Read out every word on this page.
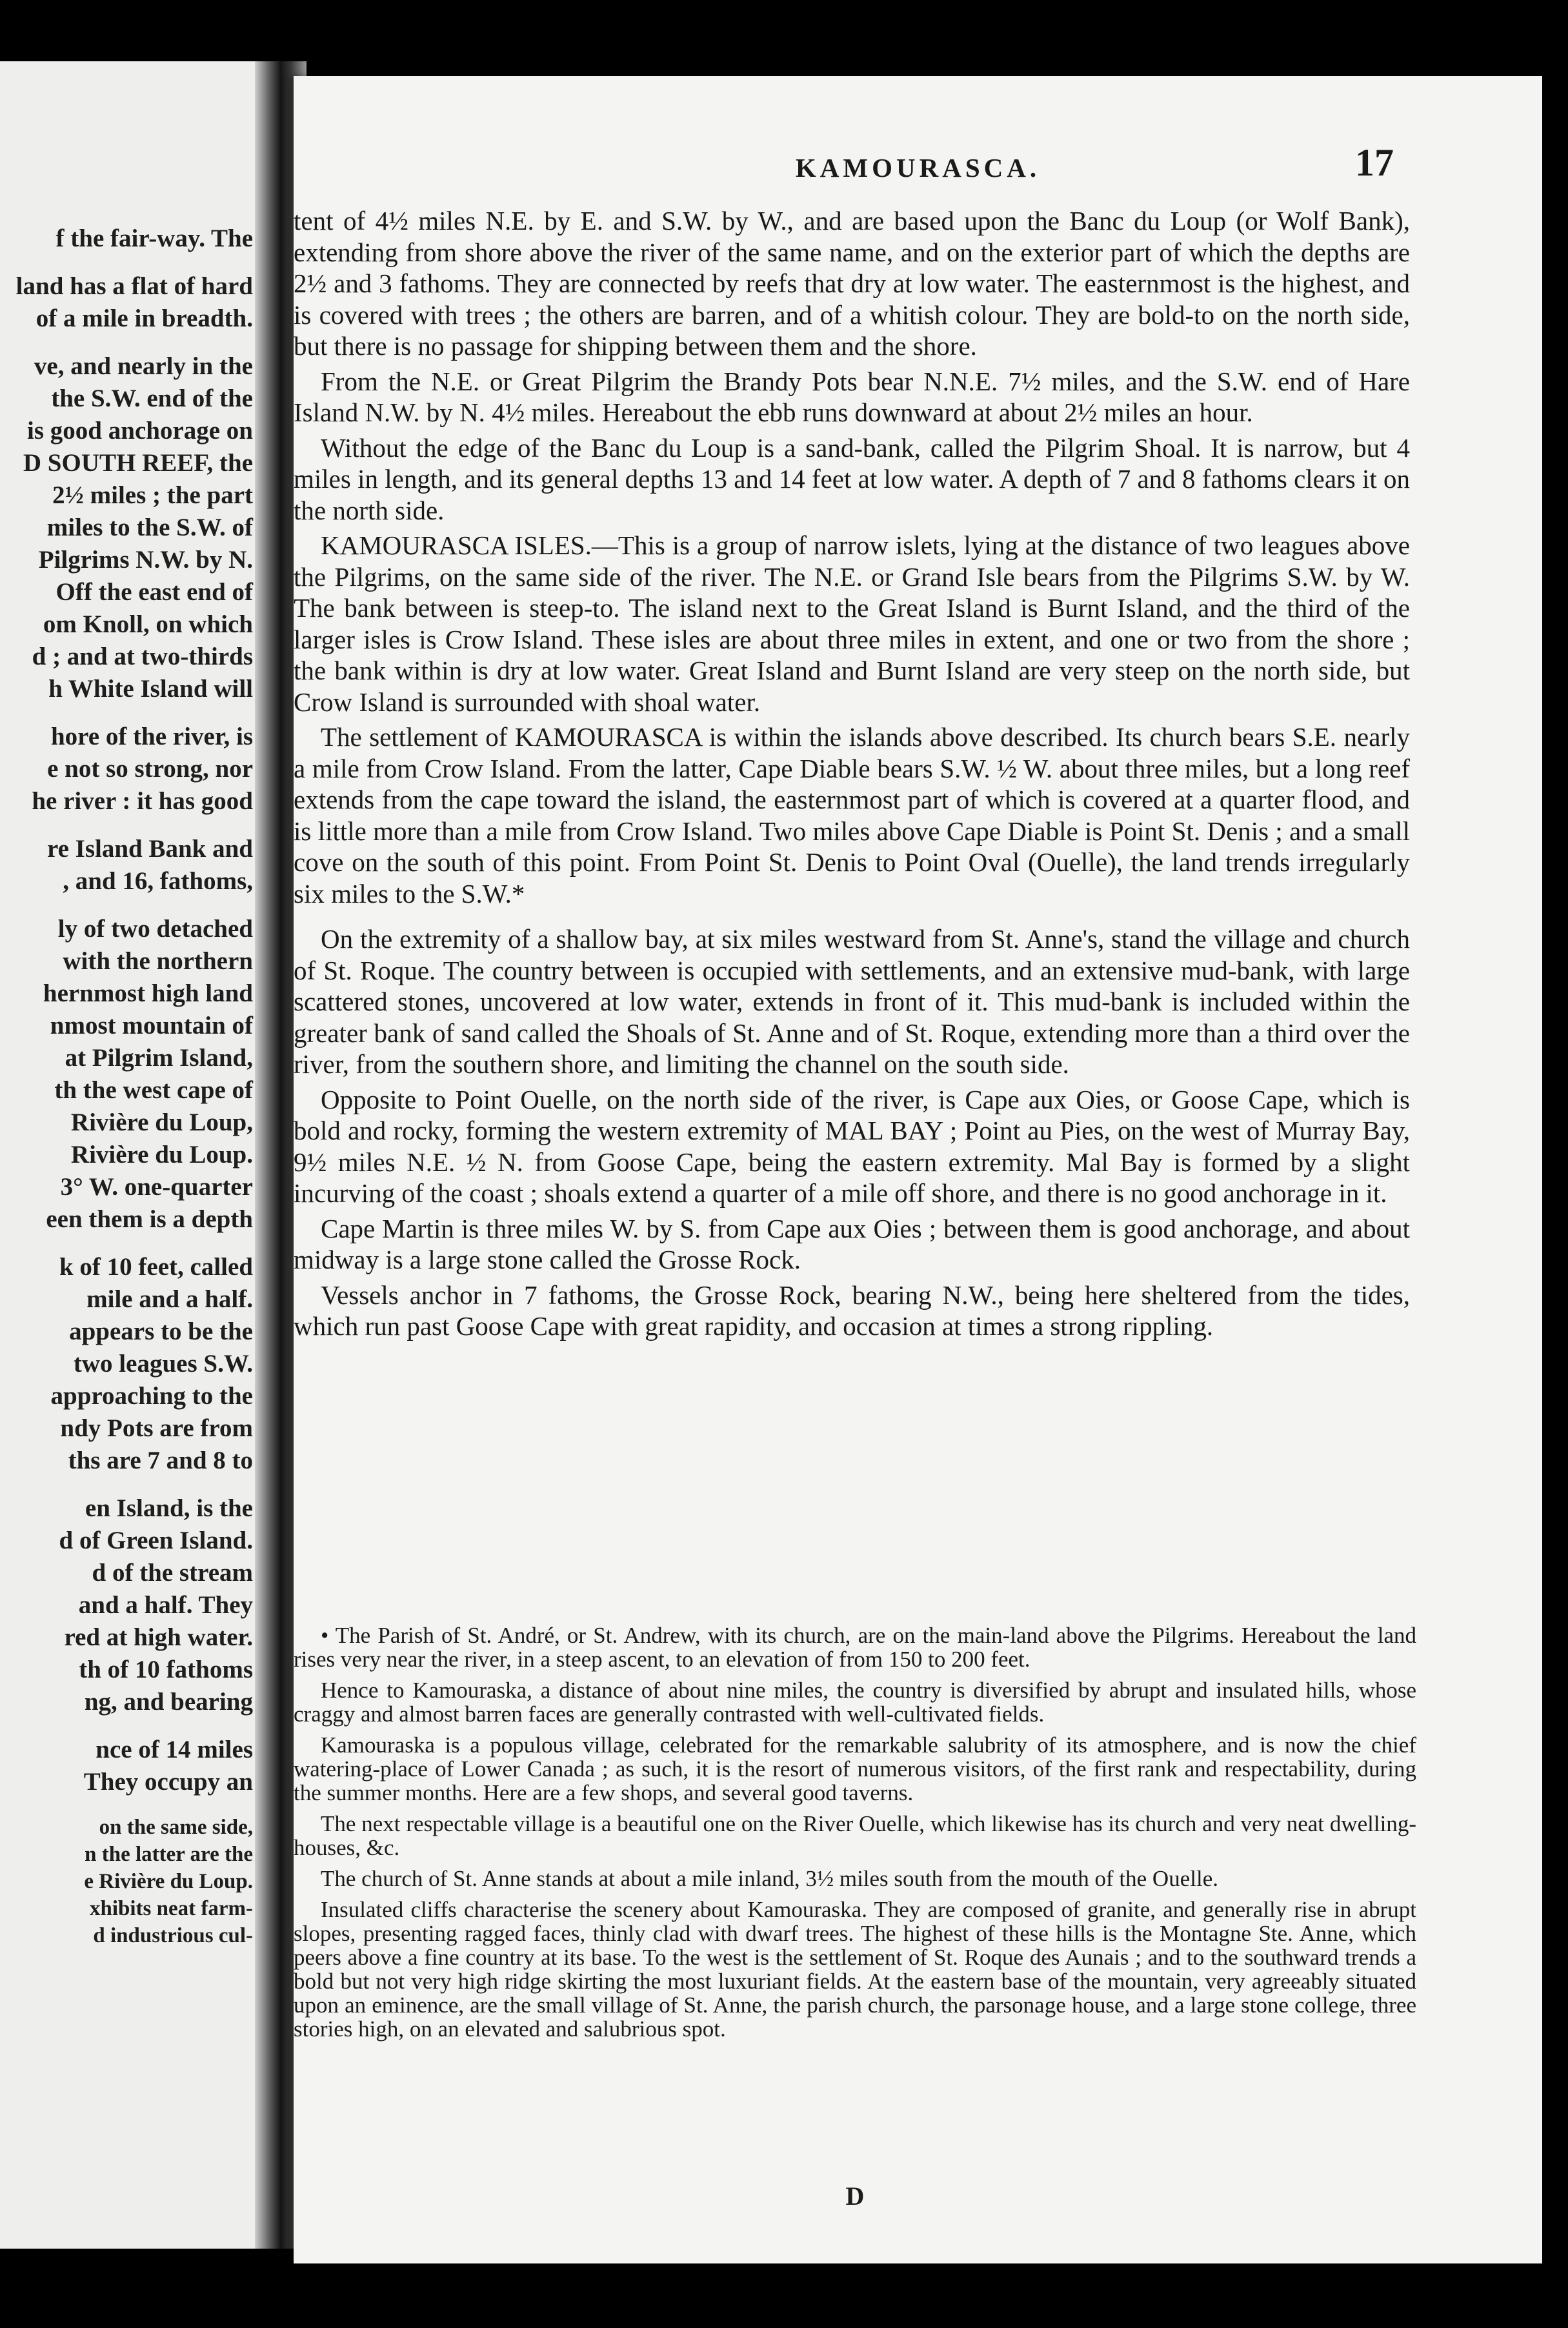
f the fair-way. The
land has a flat of hard
of a mile in breadth.
ve, and nearly in the
the S.W. end of the
is good anchorage on
D SOUTH REEF, the
2½ miles ; the part
miles to the S.W. of
Pilgrims N.W. by N.
Off the east end of
om Knoll, on which
d ; and at two-thirds
h White Island will
hore of the river, is
e not so strong, nor
he river : it has good
re Island Bank and
, and 16, fathoms,
ly of two detached
with the northern
hernmost high land
nmost mountain of
at Pilgrim Island,
th the west cape of
Rivière du Loup,
Rivière du Loup.
3° W. one-quarter
een them is a depth
k of 10 feet, called
mile and a half.
appears to be the
two leagues S.W.
approaching to the
ndy Pots are from
ths are 7 and 8 to
en Island, is the
d of Green Island.
d of the stream
and a half. They
red at high water.
th of 10 fathoms
ng, and bearing
nce of 14 miles
They occupy an
on the same side,
n the latter are the
e Rivière du Loup.
xhibits neat farm-
d industrious cul-
KAMOURASCA.	17

tent of 4½ miles N.E. by E. and S.W. by W., and are based upon the Banc du Loup (or Wolf Bank), extending from shore above the river of the same name, and on the exterior part of which the depths are 2½ and 3 fathoms. They are connected by reefs that dry at low water. The easternmost is the highest, and is covered with trees ; the others are barren, and of a whitish colour. They are bold-to on the north side, but there is no passage for shipping between them and the shore.

From the N.E. or Great Pilgrim the Brandy Pots bear N.N.E. 7½ miles, and the S.W. end of Hare Island N.W. by N. 4½ miles. Hereabout the ebb runs downward at about 2½ miles an hour.

Without the edge of the Banc du Loup is a sand-bank, called the Pilgrim Shoal. It is narrow, but 4 miles in length, and its general depths 13 and 14 feet at low water. A depth of 7 and 8 fathoms clears it on the north side.

KAMOURASCA ISLES.—This is a group of narrow islets, lying at the distance of two leagues above the Pilgrims, on the same side of the river. The N.E. or Grand Isle bears from the Pilgrims S.W. by W. The bank between is steep-to. The island next to the Great Island is Burnt Island, and the third of the larger isles is Crow Island. These isles are about three miles in extent, and one or two from the shore ; the bank within is dry at low water. Great Island and Burnt Island are very steep on the north side, but Crow Island is surrounded with shoal water.

The settlement of KAMOURASCA is within the islands above described. Its church bears S.E. nearly a mile from Crow Island. From the latter, Cape Diable bears S.W. ½ W. about three miles, but a long reef extends from the cape toward the island, the easternmost part of which is covered at a quarter flood, and is little more than a mile from Crow Island. Two miles above Cape Diable is Point St. Denis ; and a small cove on the south of this point. From Point St. Denis to Point Oval (Ouelle), the land trends irregularly six miles to the S.W.*

On the extremity of a shallow bay, at six miles westward from St. Anne's, stand the village and church of St. Roque. The country between is occupied with settlements, and an extensive mud-bank, with large scattered stones, uncovered at low water, extends in front of it. This mud-bank is included within the greater bank of sand called the Shoals of St. Anne and of St. Roque, extending more than a third over the river, from the southern shore, and limiting the channel on the south side.

Opposite to Point Ouelle, on the north side of the river, is Cape aux Oies, or Goose Cape, which is bold and rocky, forming the western extremity of MAL BAY ; Point au Pies, on the west of Murray Bay, 9½ miles N.E. ½ N. from Goose Cape, being the eastern extremity. Mal Bay is formed by a slight incurving of the coast ; shoals extend a quarter of a mile off shore, and there is no good anchorage in it.

Cape Martin is three miles W. by S. from Cape aux Oies ; between them is good anchorage, and about midway is a large stone called the Grosse Rock.

Vessels anchor in 7 fathoms, the Grosse Rock, bearing N.W., being here sheltered from the tides, which run past Goose Cape with great rapidity, and occasion at times a strong rippling.

• The Parish of St. André, or St. Andrew, with its church, are on the main-land above the Pilgrims. Hereabout the land rises very near the river, in a steep ascent, to an elevation of from 150 to 200 feet.

Hence to Kamouraska, a distance of about nine miles, the country is diversified by abrupt and insulated hills, whose craggy and almost barren faces are generally contrasted with well-cultivated fields.

Kamouraska is a populous village, celebrated for the remarkable salubrity of its atmosphere, and is now the chief watering-place of Lower Canada ; as such, it is the resort of numerous visitors, of the first rank and respectability, during the summer months. Here are a few shops, and several good taverns.

The next respectable village is a beautiful one on the River Ouelle, which likewise has its church and very neat dwelling-houses, &c.

The church of St. Anne stands at about a mile inland, 3½ miles south from the mouth of the Ouelle.

Insulated cliffs characterise the scenery about Kamouraska. They are composed of granite, and generally rise in abrupt slopes, presenting ragged faces, thinly clad with dwarf trees. The highest of these hills is the Montagne Ste. Anne, which peers above a fine country at its base. To the west is the settlement of St. Roque des Aunais ; and to the southward trends a bold but not very high ridge skirting the most luxuriant fields. At the eastern base of the mountain, very agreeably situated upon an eminence, are the small village of St. Anne, the parish church, the parsonage house, and a large stone college, three stories high, on an elevated and salubrious spot.

D
